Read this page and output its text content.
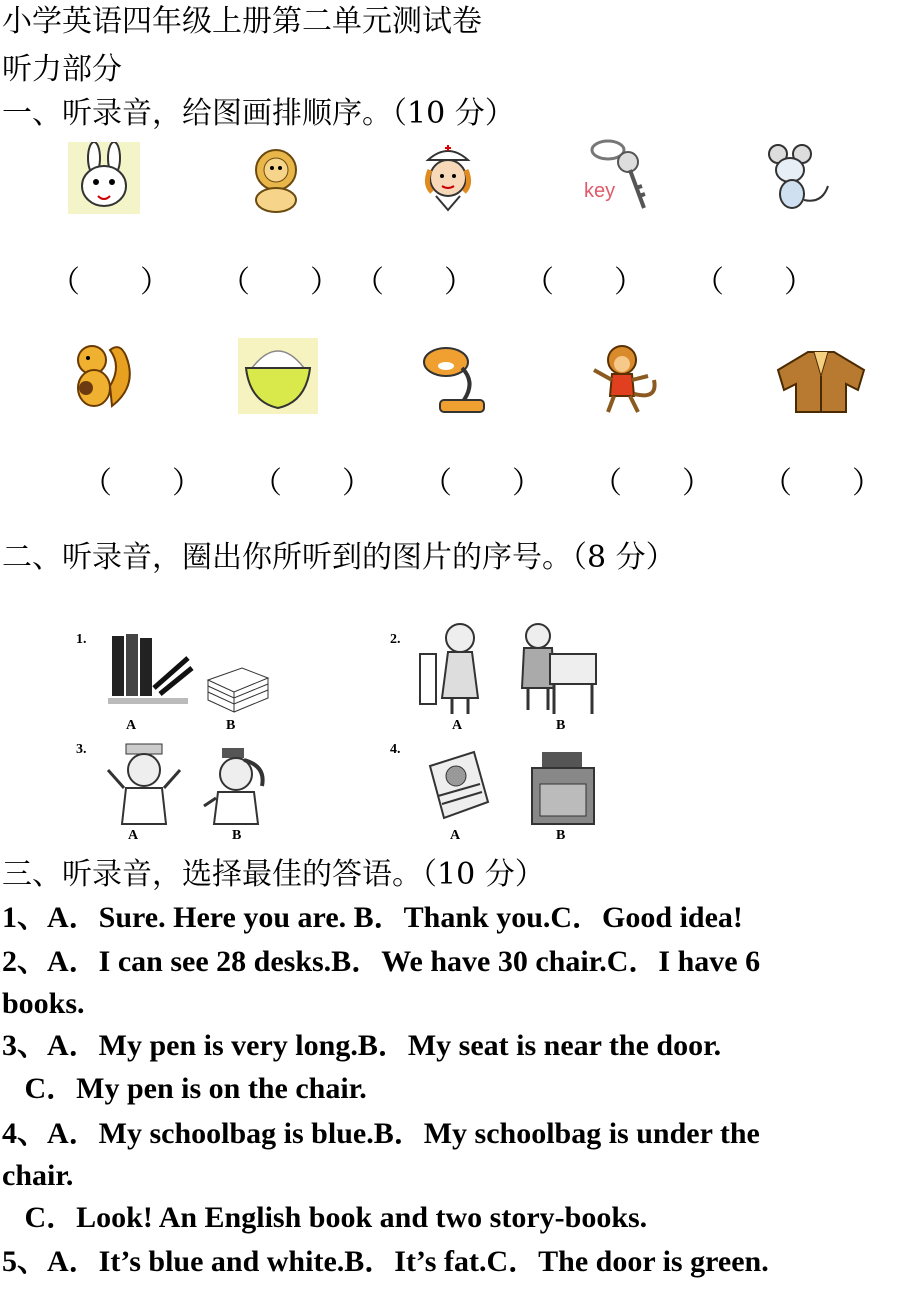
小学英语四年级上册第二单元测试卷
听力部分
一、听录音，给图画排顺序。（10 分）
key
（　　） （　　） （　　） （　　） （　　）
（　　） （　　） （　　） （　　） （　　）
二、听录音，圈出你所听到的图片的序号。（8 分）
1.
A	B
2.
A	B
3.
A	B
4.
A	B
三、听录音，选择最佳的答语。（10 分）
1、A．Sure. Here you are. B．Thank you.C．Good idea!
2、A．I can see 28 desks.B．We have 30 chair.C．I have 6
books.
3、A．My pen is very long.B．My seat is near the door.
C．My pen is on the chair.
4、A．My schoolbag is blue.B．My schoolbag is under the
chair.
C．Look! An English book and two story-books.
5、A．It’s blue and white.B．It’s fat.C．The door is green.
